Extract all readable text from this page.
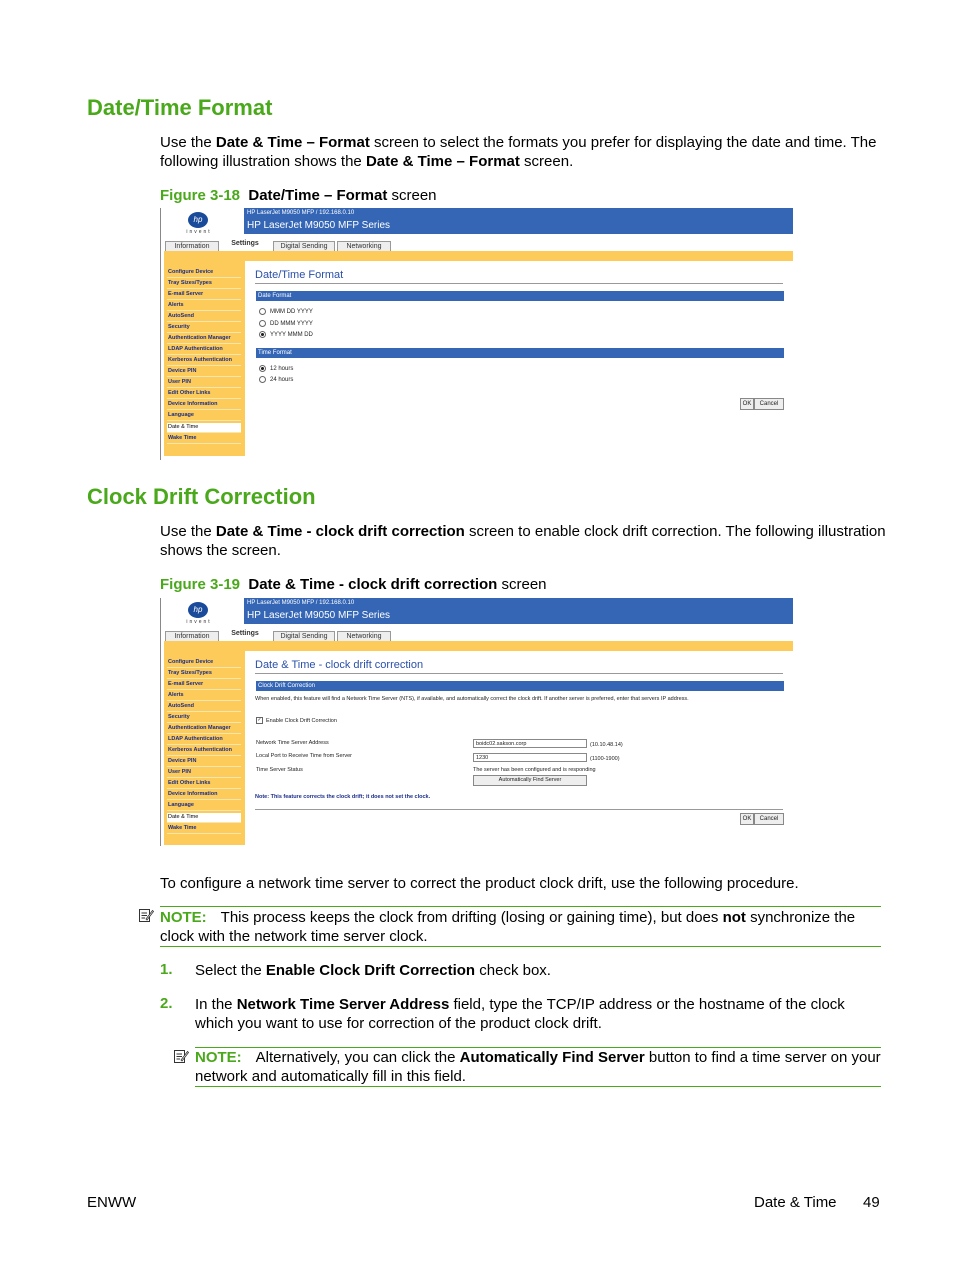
Date/Time Format
Use the Date & Time – Format screen to select the formats you prefer for displaying the date and time. The following illustration shows the Date & Time – Format screen.
Figure 3-18 Date/Time – Format screen
hp
invent
HP LaserJet M9050 MFP / 192.168.0.10
HP LaserJet M9050 MFP Series
Information	Settings	Digital Sending	Networking
Configure Device
Tray Sizes/Types
E-mail Server
Alerts
AutoSend
Security
Authentication Manager
LDAP Authentication
Kerberos Authentication
Device PIN
User PIN
Edit Other Links
Device Information
Language
Date & Time
Wake Time
Date/Time Format
Date Format
MMM DD YYYY
DD MMM YYYY
YYYY MMM DD
Time Format
12 hours
24 hours
OK	Cancel
Clock Drift Correction
Use the Date & Time - clock drift correction screen to enable clock drift correction. The following illustration shows the screen.
Figure 3-19 Date & Time - clock drift correction screen
hp
invent
HP LaserJet M9050 MFP / 192.168.0.10
HP LaserJet M9050 MFP Series
Information	Settings	Digital Sending	Networking
Configure Device
Tray Sizes/Types
E-mail Server
Alerts
AutoSend
Security
Authentication Manager
LDAP Authentication
Kerberos Authentication
Device PIN
User PIN
Edit Other Links
Device Information
Language
Date & Time
Wake Time
Date & Time - clock drift correction
Clock Drift Correction
When enabled, this feature will find a Network Time Server (NTS), if available, and automatically correct the clock drift. If another server is preferred, enter that servers IP address.
✓ Enable Clock Drift Correction
Network Time Server Address	boidc02.sakson.corp	(10.10.48.14)
Local Port to Receive Time from Server	1230	(1100-1900)
Time Server Status	The server has been configured and is responding
Automatically Find Server
Note: This feature corrects the clock drift; it does not set the clock.
OK	Cancel
To configure a network time server to correct the product clock drift, use the following procedure.
NOTE: This process keeps the clock from drifting (losing or gaining time), but does not synchronize the clock with the network time server clock.
1. Select the Enable Clock Drift Correction check box.
2. In the Network Time Server Address field, type the TCP/IP address or the hostname of the clock which you want to use for correction of the product clock drift.
NOTE: Alternatively, you can click the Automatically Find Server button to find a time server on your network and automatically fill in this field.
ENWW	Date & Time 49
